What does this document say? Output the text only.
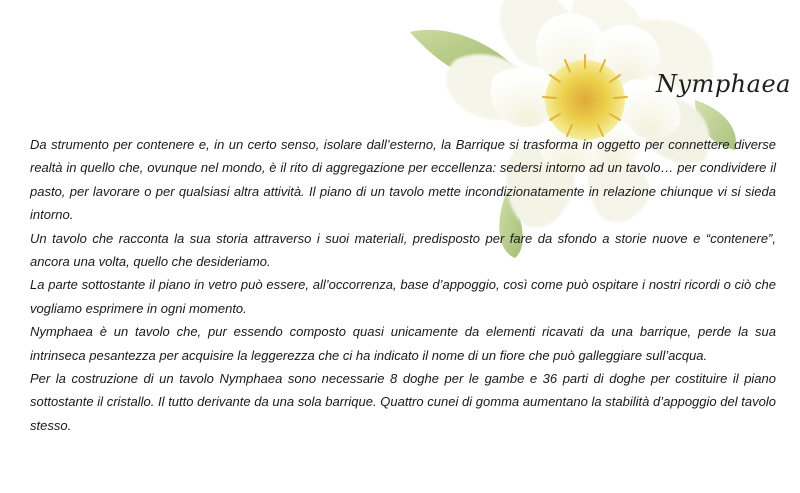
Nymphaea

Da strumento per contenere e, in un certo senso, isolare dall’esterno, la Barrique si trasforma in oggetto per connettere diverse realtà in quello che, ovunque nel mondo, è il rito di aggregazione per eccellenza: sedersi intorno ad un tavolo… per condividere il pasto, per lavorare o per qualsiasi altra attività. Il piano di un tavolo mette incondizionatamente in relazione chiunque vi si sieda intorno.

Un tavolo che racconta la sua storia attraverso i suoi materiali, predisposto per fare da sfondo a storie nuove e “contenere”, ancora una volta, quello che desideriamo.

La parte sottostante il piano in vetro può essere, all’occorrenza, base d’appoggio, così come può ospitare i nostri ricordi o ciò che vogliamo esprimere in ogni momento.

Nymphaea è un tavolo che, pur essendo composto quasi unicamente da elementi ricavati da una barrique, perde la sua intrinseca pesantezza per acquisire la leggerezza che ci ha indicato il nome di un fiore che può galleggiare sull’acqua.

Per la costruzione di un tavolo Nymphaea sono necessarie 8 doghe per le gambe e 36 parti di doghe per costituire il piano sottostante il cristallo. Il tutto derivante da una sola barrique. Quattro cunei di gomma aumentano la stabilità d’appoggio del tavolo stesso.
